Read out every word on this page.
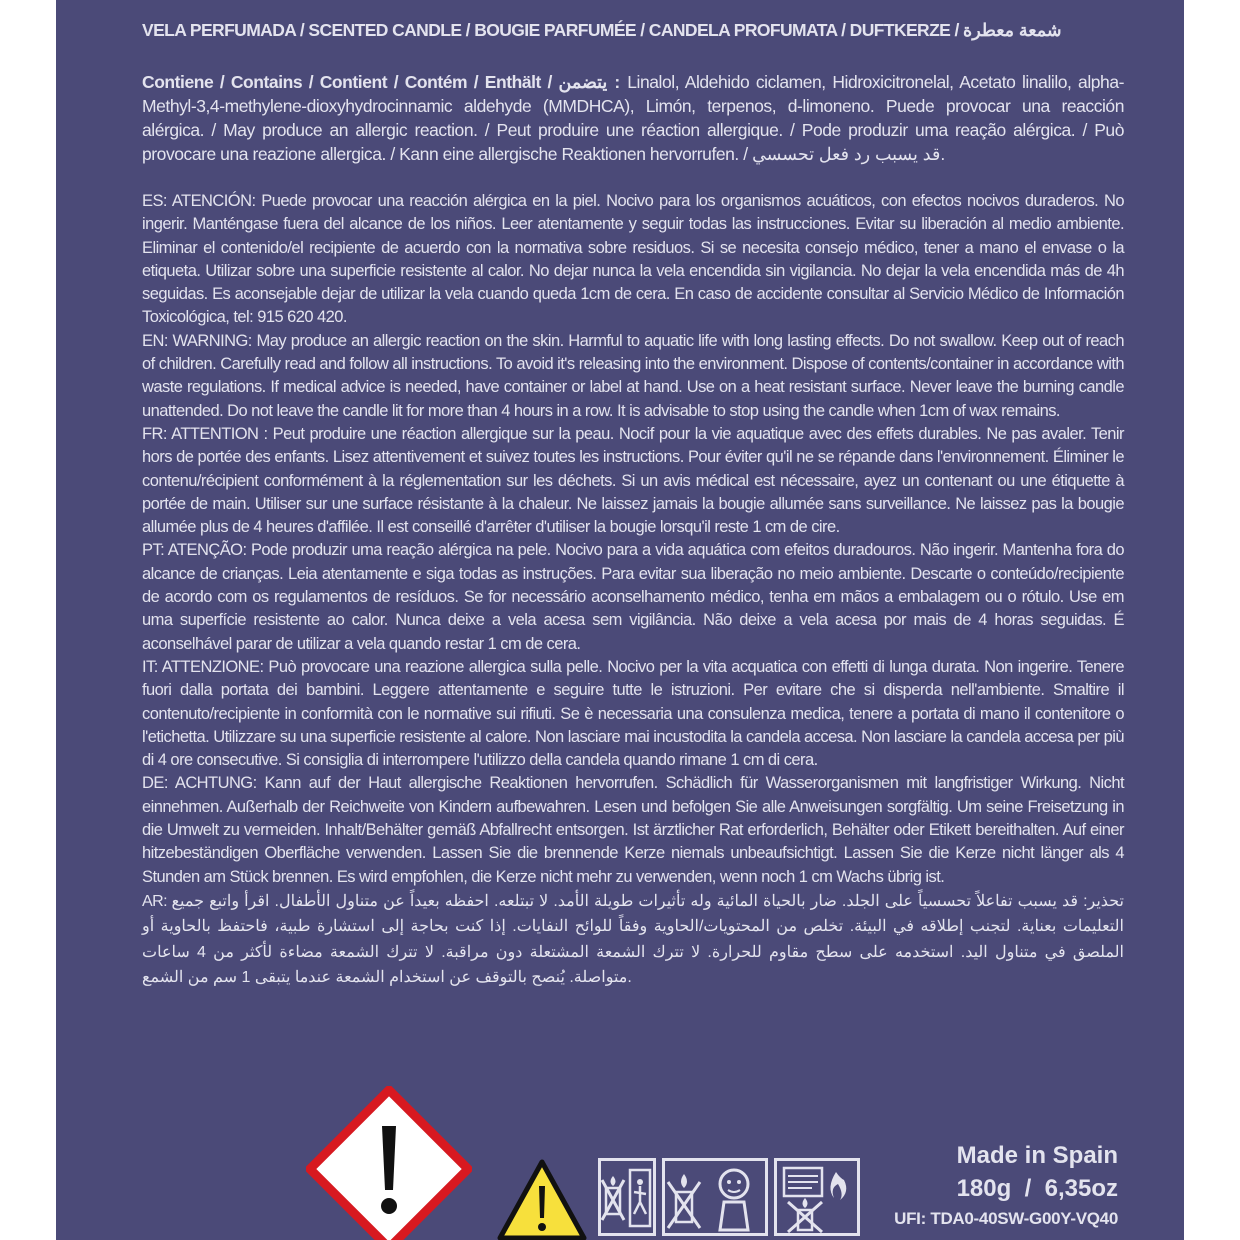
VELA PERFUMADA / SCENTED CANDLE / BOUGIE PARFUMÉE / CANDELA PROFUMATA / DUFTKERZE / شمعة معطرة
Contiene / Contains / Contient / Contém / Enthält / يتضمن : Linalol, Aldehido ciclamen, Hidroxicitronelal, Acetato linalilo, alpha-Methyl-3,4-methylene-dioxyhydrocinnamic aldehyde (MMDHCA), Limón, terpenos, d-limoneno. Puede provocar una reacción alérgica. / May produce an allergic reaction. / Peut produire une réaction allergique. / Pode produzir uma reação alérgica. / Può provocare una reazione allergica. / Kann eine allergische Reaktionen hervorrufen. / قد يسبب رد فعل تحسسي.

ES: ATENCIÓN: Puede provocar una reacción alérgica en la piel. Nocivo para los organismos acuáticos, con efectos nocivos duraderos. No ingerir. Manténgase fuera del alcance de los niños. Leer atentamente y seguir todas las instrucciones. Evitar su liberación al medio ambiente. Eliminar el contenido/el recipiente de acuerdo con la normativa sobre residuos. Si se necesita consejo médico, tener a mano el envase o la etiqueta. Utilizar sobre una superficie resistente al calor. No dejar nunca la vela encendida sin vigilancia. No dejar la vela encendida más de 4h seguidas. Es aconsejable dejar de utilizar la vela cuando queda 1cm de cera. En caso de accidente consultar al Servicio Médico de Información Toxicológica, tel: 915 620 420.

EN: WARNING: May produce an allergic reaction on the skin. Harmful to aquatic life with long lasting effects. Do not swallow. Keep out of reach of children. Carefully read and follow all instructions. To avoid it's releasing into the environment. Dispose of contents/container in accordance with waste regulations. If medical advice is needed, have container or label at hand. Use on a heat resistant surface. Never leave the burning candle unattended. Do not leave the candle lit for more than 4 hours in a row. It is advisable to stop using the candle when 1cm of wax remains.

FR: ATTENTION : Peut produire une réaction allergique sur la peau. Nocif pour la vie aquatique avec des effets durables. Ne pas avaler. Tenir hors de portée des enfants. Lisez attentivement et suivez toutes les instructions. Pour éviter qu'il ne se répande dans l'environnement. Éliminer le contenu/récipient conformément à la réglementation sur les déchets. Si un avis médical est nécessaire, ayez un contenant ou une étiquette à portée de main. Utiliser sur une surface résistante à la chaleur. Ne laissez jamais la bougie allumée sans surveillance. Ne laissez pas la bougie allumée plus de 4 heures d'affilée. Il est conseillé d'arrêter d'utiliser la bougie lorsqu'il reste 1 cm de cire.

PT: ATENÇÃO: Pode produzir uma reação alérgica na pele. Nocivo para a vida aquática com efeitos duradouros. Não ingerir. Mantenha fora do alcance de crianças. Leia atentamente e siga todas as instruções. Para evitar sua liberação no meio ambiente. Descarte o conteúdo/recipiente de acordo com os regulamentos de resíduos. Se for necessário aconselhamento médico, tenha em mãos a embalagem ou o rótulo. Use em uma superfície resistente ao calor. Nunca deixe a vela acesa sem vigilância. Não deixe a vela acesa por mais de 4 horas seguidas. É aconselhável parar de utilizar a vela quando restar 1 cm de cera.

IT: ATTENZIONE: Può provocare una reazione allergica sulla pelle. Nocivo per la vita acquatica con effetti di lunga durata. Non ingerire. Tenere fuori dalla portata dei bambini. Leggere attentamente e seguire tutte le istruzioni. Per evitare che si disperda nell'ambiente. Smaltire il contenuto/recipiente in conformità con le normative sui rifiuti. Se è necessaria una consulenza medica, tenere a portata di mano il contenitore o l'etichetta. Utilizzare su una superficie resistente al calore. Non lasciare mai incustodita la candela accesa. Non lasciare la candela accesa per più di 4 ore consecutive. Si consiglia di interrompere l'utilizzo della candela quando rimane 1 cm di cera.

DE: ACHTUNG: Kann auf der Haut allergische Reaktionen hervorrufen. Schädlich für Wasserorganismen mit langfristiger Wirkung. Nicht einnehmen. Außerhalb der Reichweite von Kindern aufbewahren. Lesen und befolgen Sie alle Anweisungen sorgfältig. Um seine Freisetzung in die Umwelt zu vermeiden. Inhalt/Behälter gemäß Abfallrecht entsorgen. Ist ärztlicher Rat erforderlich, Behälter oder Etikett bereithalten. Auf einer hitzebeständigen Oberfläche verwenden. Lassen Sie die brennende Kerze niemals unbeaufsichtigt. Lassen Sie die Kerze nicht länger als 4 Stunden am Stück brennen. Es wird empfohlen, die Kerze nicht mehr zu verwenden, wenn noch 1 cm Wachs übrig ist.

AR: تحذير: قد يسبب تفاعلاً تحسسياً على الجلد. ضار بالحياة المائية وله تأثيرات طويلة الأمد. لا تبتلعه. احفظه بعيداً عن متناول الأطفال. اقرأ واتبع جميع التعليمات بعناية. لتجنب إطلاقه في البيئة. تخلص من المحتويات/الحاوية وفقاً للوائح النفايات. إذا كنت بحاجة إلى استشارة طبية، فاحتفظ بالحاوية أو الملصق في متناول اليد. استخدمه على سطح مقاوم للحرارة. لا تترك الشمعة المشتعلة دون مراقبة. لا تترك الشمعة مضاءة لأكثر من 4 ساعات متواصلة. يُنصح بالتوقف عن استخدام الشمعة عندما يتبقى 1 سم من الشمع.

Made in Spain
180g  /  6,35oz
UFI: TDA0-40SW-G00Y-VQ40
